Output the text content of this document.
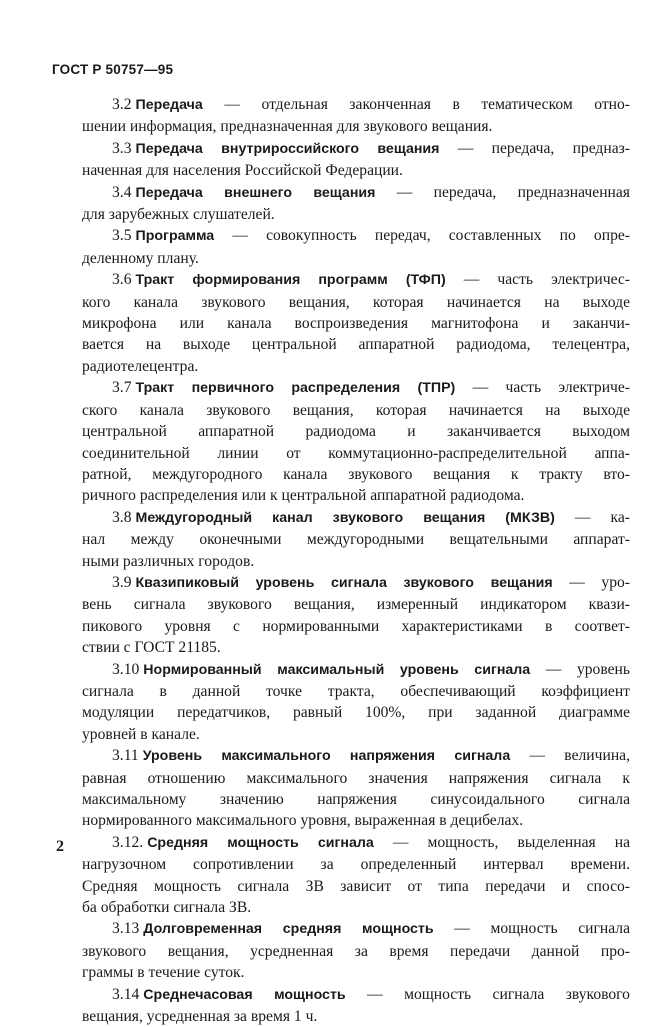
ГОСТ Р 50757—95
3.2 Передача — отдельная законченная в тематическом отно-
шении информация, предназначенная для звукового вещания.
3.3 Передача внутрироссийского вещания — передача, предназ-
наченная для населения Российской Федерации.
3.4 Передача внешнего вещания — передача, предназначенная
для зарубежных слушателей.
3.5 Программа — совокупность передач, составленных по опре-
деленному плану.
3.6 Тракт формирования программ (ТФП) — часть электричес-
кого канала звукового вещания, которая начинается на выходе
микрофона или канала воспроизведения магнитофона и заканчи-
вается на выходе центральной аппаратной радиодома, телецентра,
радиотелецентра.
3.7 Тракт первичного распределения (ТПР) — часть электриче-
ского канала звукового вещания, которая начинается на выходе
центральной аппаратной радиодома и заканчивается выходом
соединительной линии от коммутационно-распределительной аппа-
ратной, междугородного канала звукового вещания к тракту вто-
ричного распределения или к центральной аппаратной радиодома.
3.8 Междугородный канал звукового вещания (МКЗВ) — ка-
нал между оконечными междугородными вещательными аппарат-
ными различных городов.
3.9 Квазипиковый уровень сигнала звукового вещания — уро-
вень сигнала звукового вещания, измеренный индикатором квази-
пикового уровня с нормированными характеристиками в соответ-
ствии с ГОСТ 21185.
3.10 Нормированный максимальный уровень сигнала — уровень
сигнала в данной точке тракта, обеспечивающий коэффициент
модуляции передатчиков, равный 100%, при заданной диаграмме
уровней в канале.
3.11 Уровень максимального напряжения сигнала — величина,
равная отношению максимального значения напряжения сигнала к
максимальному значению напряжения синусоидального сигнала
нормированного максимального уровня, выраженная в децибелах.
3.12. Средняя мощность сигнала — мощность, выделенная на
нагрузочном сопротивлении за определенный интервал времени.
Средняя мощность сигнала ЗВ зависит от типа передачи и спосо-
ба обработки сигнала ЗВ.
3.13 Долговременная средняя мощность — мощность сигнала
звукового вещания, усредненная за время передачи данной про-
граммы в течение суток.
3.14 Среднечасовая мощность — мощность сигнала звукового
вещания, усредненная за время 1 ч.
2
